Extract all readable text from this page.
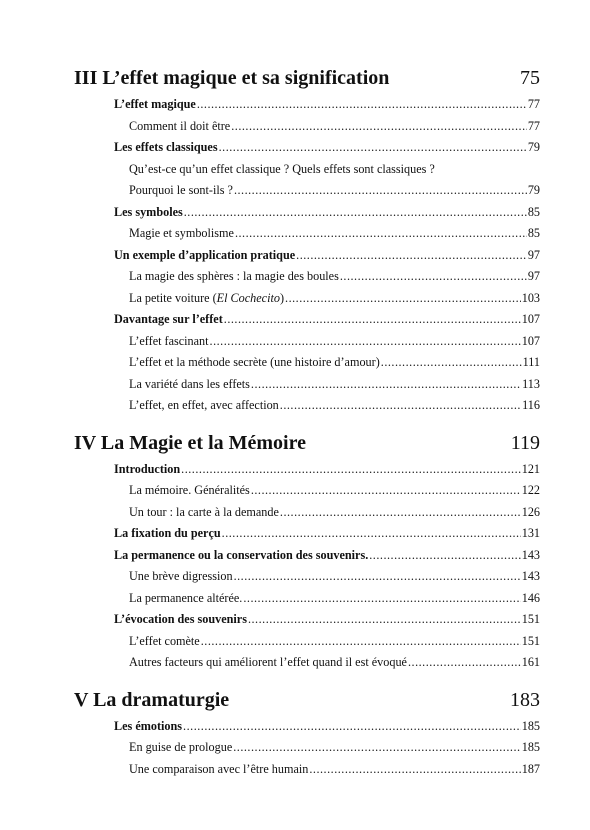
III L’effet magique et sa signification	75
L’effet magique .....	77
Comment il doit être .....	77
Les effets classiques .....	79
Qu’est-ce qu’un effet classique ? Quels effets sont classiques ?
Pourquoi le sont-ils ? .....	79
Les symboles .....	85
Magie et symbolisme .....	85
Un exemple d’application pratique .....	97
La magie des sphères : la magie des boules .....	97
La petite voiture (El Cochecito) .....	103
Davantage sur l’effet .....	107
L’effet fascinant .....	107
L’effet et la méthode secrète (une histoire d’amour) .....	111
La variété dans les effets .....	113
L’effet, en effet, avec affection .....	116
IV La Magie et la Mémoire	119
Introduction .....	121
La mémoire. Généralités .....	122
Un tour : la carte à la demande .....	126
La fixation du perçu .....	131
La permanence ou la conservation des souvenirs. .....	143
Une brève digression .....	143
La permanence altérée. .....	146
L’évocation des souvenirs .....	151
L’effet comète .....	151
Autres facteurs qui améliorent l’effet quand il est évoqué .....	161
V La dramaturgie	183
Les émotions .....	185
En guise de prologue .....	185
Une comparaison avec l’être humain .....	187
